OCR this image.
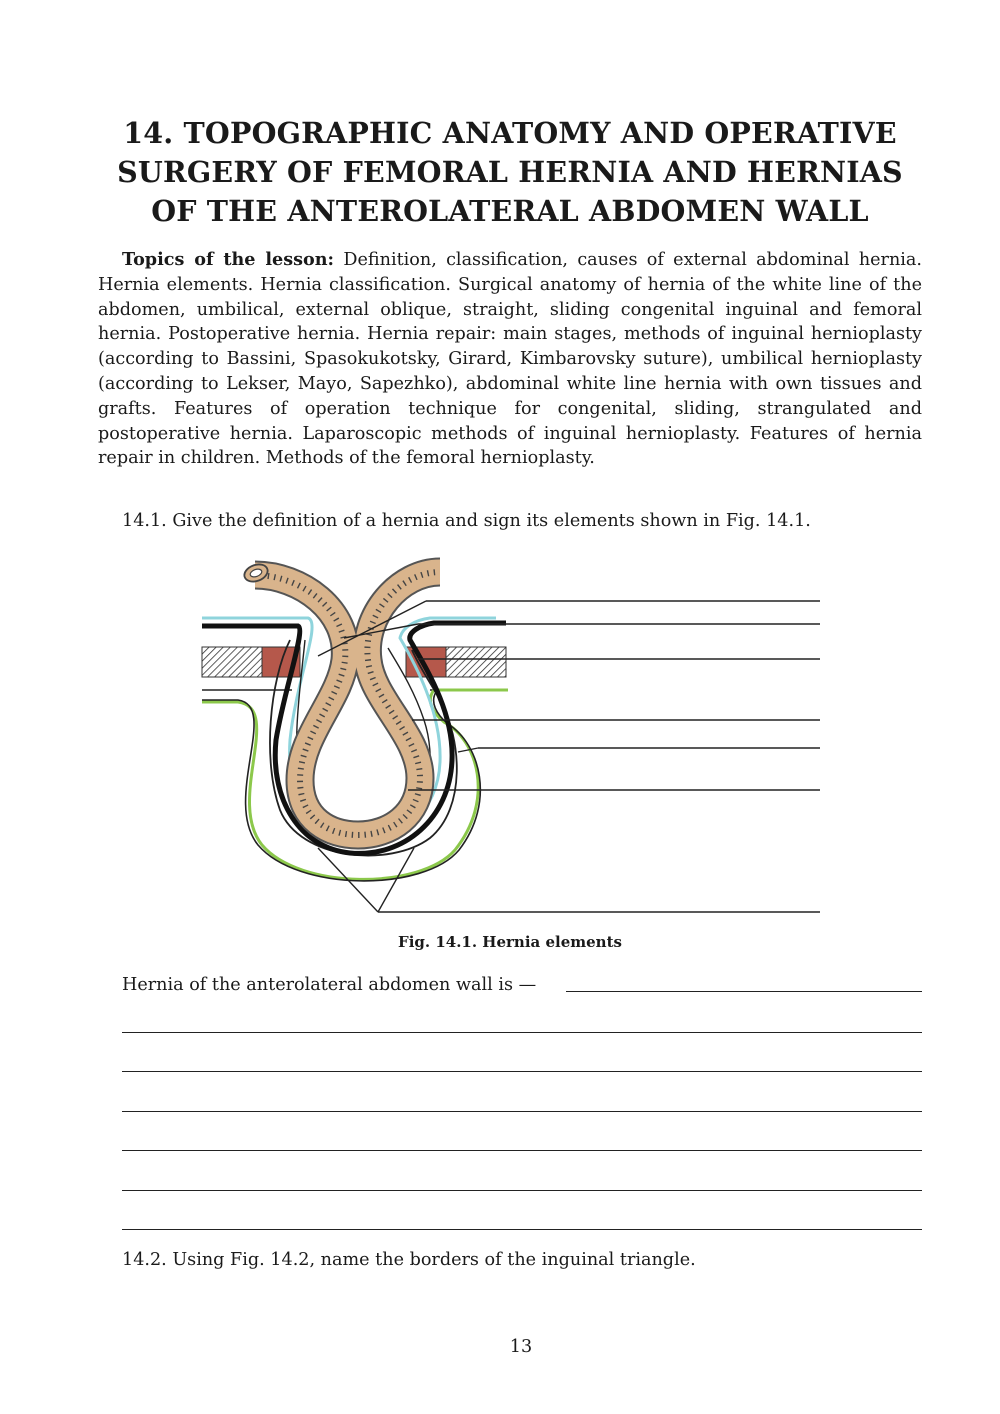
14. TOPOGRAPHIC ANATOMY AND OPERATIVE SURGERY OF FEMORAL HERNIA AND HERNIAS OF THE ANTEROLATERAL ABDOMEN WALL

Topics of the lesson: Definition, classification, causes of external abdominal hernia. Hernia elements. Hernia classification. Surgical anatomy of hernia of the white line of the abdomen, umbilical, external oblique, straight, sliding congenital inguinal and femoral hernia. Postoperative hernia. Hernia repair: main stages, methods of inguinal hernioplasty (according to Bassini, Spasokukotsky, Girard, Kimbarovsky suture), umbilical hernioplasty (according to Lekser, Mayo, Sapezhko), abdominal white line hernia with own tissues and grafts. Features of operation technique for congenital, sliding, strangulated and postoperative hernia. Laparoscopic methods of inguinal hernioplasty. Features of hernia repair in children. Methods of the femoral hernioplasty.

14.1. Give the definition of a hernia and sign its elements shown in Fig. 14.1.

Fig. 14.1. Hernia elements

Hernia of the anterolateral abdomen wall is —

14.2. Using Fig. 14.2, name the borders of the inguinal triangle.

13
